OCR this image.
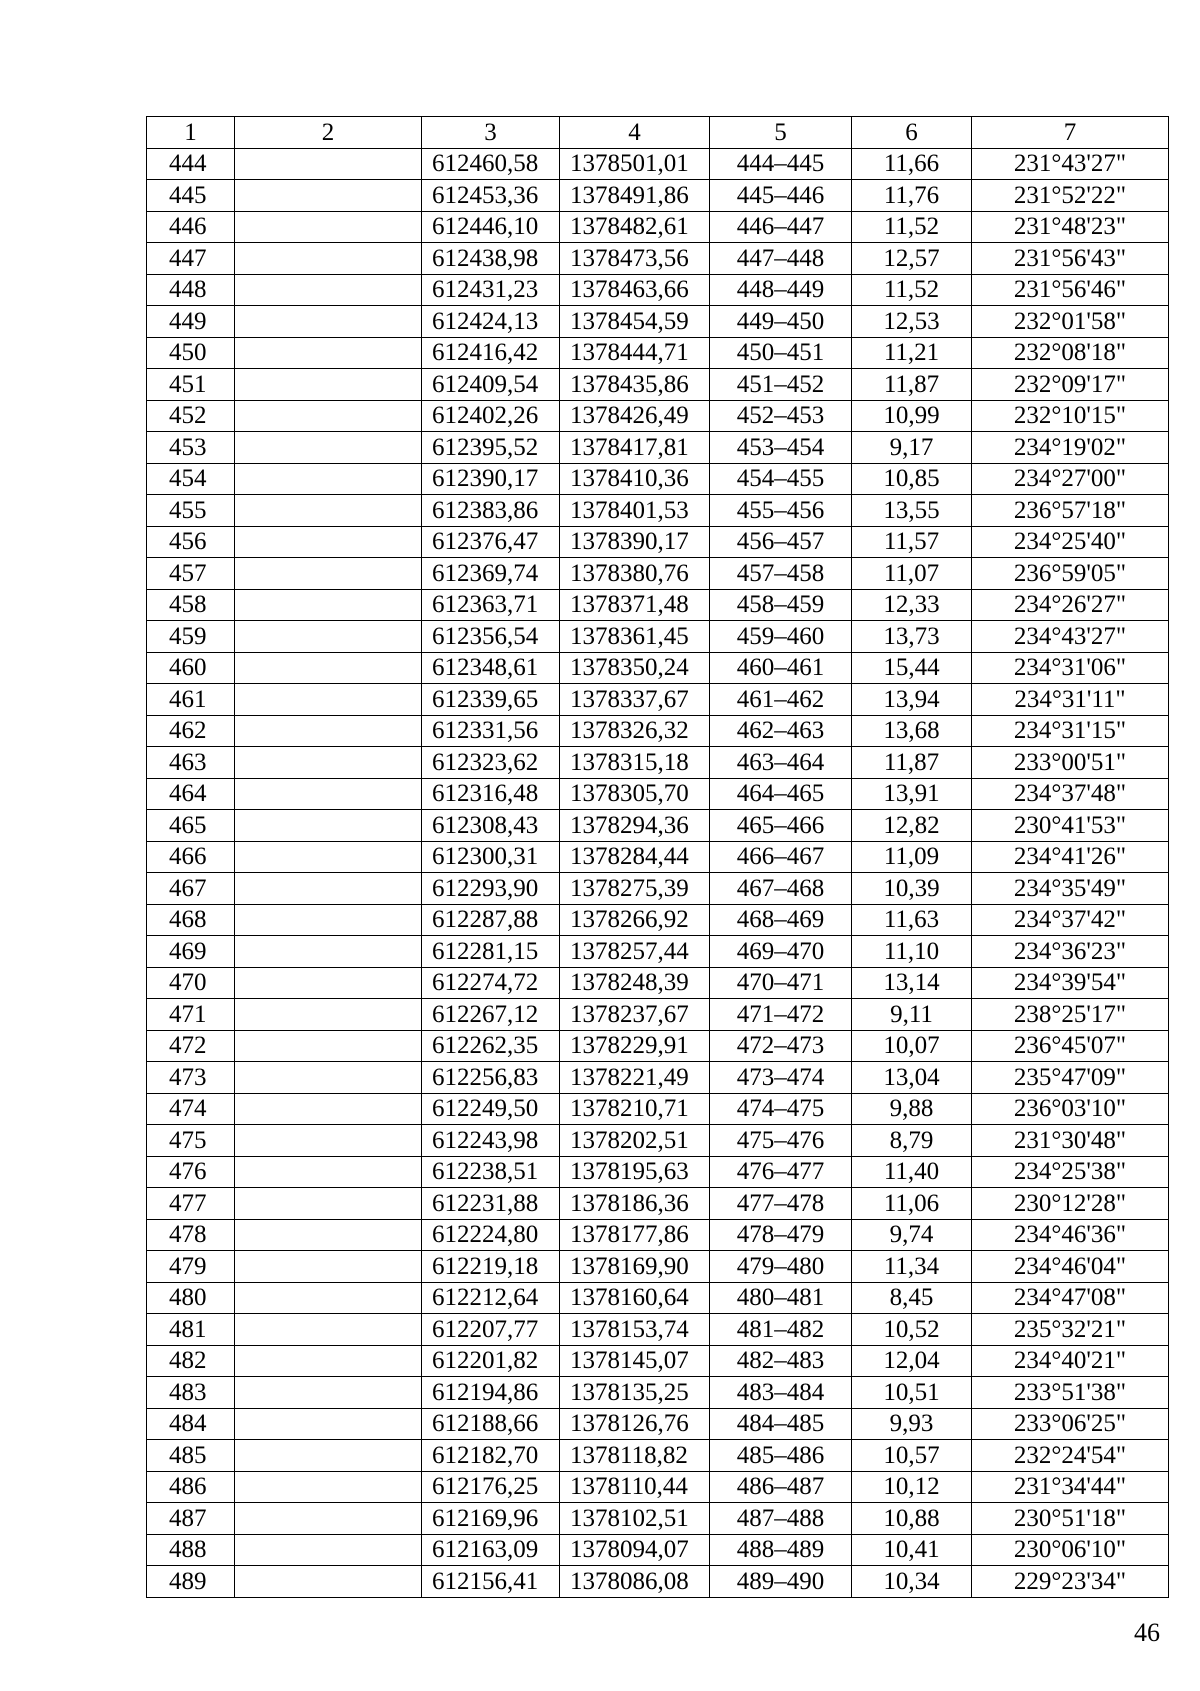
1	2	3	4	5	6	7
444		612460,58	1378501,01	444–445	11,66	231°43'27"
445		612453,36	1378491,86	445–446	11,76	231°52'22"
446		612446,10	1378482,61	446–447	11,52	231°48'23"
447		612438,98	1378473,56	447–448	12,57	231°56'43"
448		612431,23	1378463,66	448–449	11,52	231°56'46"
449		612424,13	1378454,59	449–450	12,53	232°01'58"
450		612416,42	1378444,71	450–451	11,21	232°08'18"
451		612409,54	1378435,86	451–452	11,87	232°09'17"
452		612402,26	1378426,49	452–453	10,99	232°10'15"
453		612395,52	1378417,81	453–454	9,17	234°19'02"
454		612390,17	1378410,36	454–455	10,85	234°27'00"
455		612383,86	1378401,53	455–456	13,55	236°57'18"
456		612376,47	1378390,17	456–457	11,57	234°25'40"
457		612369,74	1378380,76	457–458	11,07	236°59'05"
458		612363,71	1378371,48	458–459	12,33	234°26'27"
459		612356,54	1378361,45	459–460	13,73	234°43'27"
460		612348,61	1378350,24	460–461	15,44	234°31'06"
461		612339,65	1378337,67	461–462	13,94	234°31'11"
462		612331,56	1378326,32	462–463	13,68	234°31'15"
463		612323,62	1378315,18	463–464	11,87	233°00'51"
464		612316,48	1378305,70	464–465	13,91	234°37'48"
465		612308,43	1378294,36	465–466	12,82	230°41'53"
466		612300,31	1378284,44	466–467	11,09	234°41'26"
467		612293,90	1378275,39	467–468	10,39	234°35'49"
468		612287,88	1378266,92	468–469	11,63	234°37'42"
469		612281,15	1378257,44	469–470	11,10	234°36'23"
470		612274,72	1378248,39	470–471	13,14	234°39'54"
471		612267,12	1378237,67	471–472	9,11	238°25'17"
472		612262,35	1378229,91	472–473	10,07	236°45'07"
473		612256,83	1378221,49	473–474	13,04	235°47'09"
474		612249,50	1378210,71	474–475	9,88	236°03'10"
475		612243,98	1378202,51	475–476	8,79	231°30'48"
476		612238,51	1378195,63	476–477	11,40	234°25'38"
477		612231,88	1378186,36	477–478	11,06	230°12'28"
478		612224,80	1378177,86	478–479	9,74	234°46'36"
479		612219,18	1378169,90	479–480	11,34	234°46'04"
480		612212,64	1378160,64	480–481	8,45	234°47'08"
481		612207,77	1378153,74	481–482	10,52	235°32'21"
482		612201,82	1378145,07	482–483	12,04	234°40'21"
483		612194,86	1378135,25	483–484	10,51	233°51'38"
484		612188,66	1378126,76	484–485	9,93	233°06'25"
485		612182,70	1378118,82	485–486	10,57	232°24'54"
486		612176,25	1378110,44	486–487	10,12	231°34'44"
487		612169,96	1378102,51	487–488	10,88	230°51'18"
488		612163,09	1378094,07	488–489	10,41	230°06'10"
489		612156,41	1378086,08	489–490	10,34	229°23'34"
46
